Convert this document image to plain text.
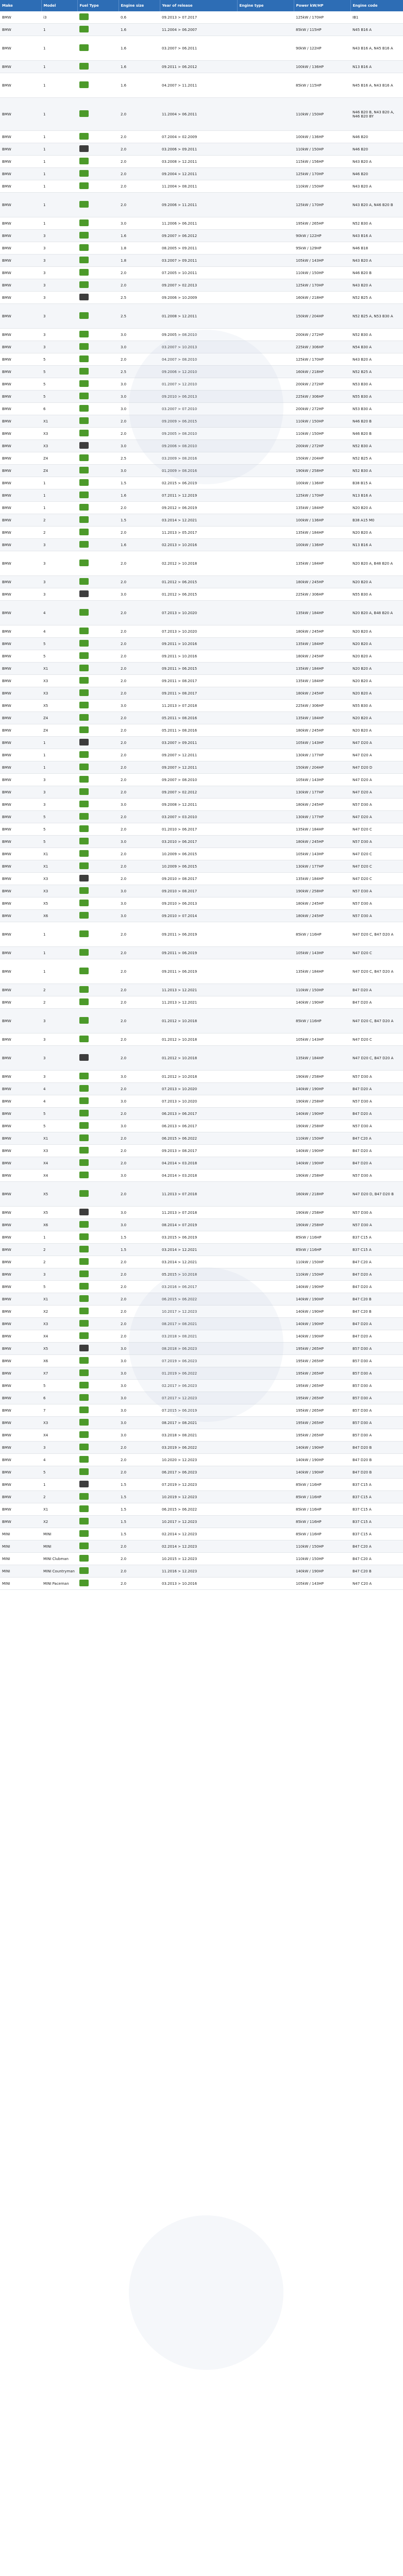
Make	Model	Fuel Type	Engine size	Year of release	Engine type	Power kW/HP	Engine code
BMW	i3		0.6	09.2013 > 07.2017		125kW / 170HP	IB1
BMW	1		1.6	11.2004 > 06.2007		85kW / 115HP	N45 B16 A
BMW	1		1.6	03.2007 > 06.2011		90kW / 122HP	N43 B16 A, N45 B16 A
BMW	1		1.6	09.2011 > 06.2012		100kW / 136HP	N13 B16 A
BMW	1		1.6	04.2007 > 11.2011		85kW / 115HP	N45 B16 A, N43 B16 A
BMW	1		2.0	11.2004 > 06.2011		110kW / 150HP	N46 B20 B, N43 B20 A, N46 B20 BY
BMW	1		2.0	07.2004 > 02.2009		100kW / 136HP	N46 B20
BMW	1		2.0	03.2006 > 09.2011		110kW / 150HP	N46 B20
BMW	1		2.0	03.2008 > 12.2011		115kW / 156HP	N43 B20 A
BMW	1		2.0	09.2004 > 12.2011		125kW / 170HP	N46 B20
BMW	1		2.0	11.2004 > 08.2011		110kW / 150HP	N43 B20 A
BMW	1		2.0	09.2006 > 11.2011		125kW / 170HP	N43 B20 A, N46 B20 B
BMW	1		3.0	11.2006 > 06.2011		195kW / 265HP	N52 B30 A
BMW	3		1.6	09.2007 > 06.2012		90kW / 122HP	N43 B16 A
BMW	3		1.8	08.2005 > 09.2011		95kW / 129HP	N46 B18
BMW	3		1.8	03.2007 > 09.2011		105kW / 143HP	N43 B20 A
BMW	3		2.0	07.2005 > 10.2011		110kW / 150HP	N46 B20 B
BMW	3		2.0	09.2007 > 02.2013		125kW / 170HP	N43 B20 A
BMW	3		2.5	09.2006 > 10.2009		160kW / 218HP	N52 B25 A
BMW	3		2.5	01.2008 > 12.2011		150kW / 204HP	N52 B25 A, N53 B30 A
BMW	3		3.0	09.2005 > 08.2010		200kW / 272HP	N52 B30 A
BMW	3		3.0	03.2007 > 10.2013		225kW / 306HP	N54 B30 A
BMW	5		2.0	04.2007 > 08.2010		125kW / 170HP	N43 B20 A
BMW	5		2.5	09.2006 > 12.2010		160kW / 218HP	N52 B25 A
BMW	5		3.0	01.2007 > 12.2010		200kW / 272HP	N53 B30 A
BMW	5		3.0	09.2010 > 06.2013		225kW / 306HP	N55 B30 A
BMW	6		3.0	03.2007 > 07.2010		200kW / 272HP	N53 B30 A
BMW	X1		2.0	09.2009 > 06.2015		110kW / 150HP	N46 B20 B
BMW	X3		2.0	09.2005 > 08.2010		110kW / 150HP	N46 B20 B
BMW	X3		3.0	09.2006 > 08.2010		200kW / 272HP	N52 B30 A
BMW	Z4		2.5	03.2009 > 08.2016		150kW / 204HP	N52 B25 A
BMW	Z4		3.0	01.2009 > 08.2016		190kW / 258HP	N52 B30 A
BMW	1		1.5	02.2015 > 06.2019		100kW / 136HP	B38 B15 A
BMW	1		1.6	07.2011 > 12.2019		125kW / 170HP	N13 B16 A
BMW	1		2.0	09.2012 > 06.2019		135kW / 184HP	N20 B20 A
BMW	2		1.5	03.2014 > 12.2021		100kW / 136HP	B38 A15 M0
BMW	2		2.0	11.2013 > 05.2017		135kW / 184HP	N20 B20 A
BMW	3		1.6	02.2013 > 10.2016		100kW / 136HP	N13 B16 A
BMW	3		2.0	02.2012 > 10.2018		135kW / 184HP	N20 B20 A, B48 B20 A
BMW	3		2.0	01.2012 > 06.2015		180kW / 245HP	N20 B20 A
BMW	3		3.0	01.2012 > 06.2015		225kW / 306HP	N55 B30 A
BMW	4		2.0	07.2013 > 10.2020		135kW / 184HP	N20 B20 A, B48 B20 A
BMW	4		2.0	07.2013 > 10.2020		180kW / 245HP	N20 B20 A
BMW	5		2.0	09.2011 > 10.2016		135kW / 184HP	N20 B20 A
BMW	5		2.0	09.2011 > 10.2016		180kW / 245HP	N20 B20 A
BMW	X1		2.0	09.2011 > 06.2015		135kW / 184HP	N20 B20 A
BMW	X3		2.0	09.2011 > 08.2017		135kW / 184HP	N20 B20 A
BMW	X3		2.0	09.2011 > 08.2017		180kW / 245HP	N20 B20 A
BMW	X5		3.0	11.2013 > 07.2018		225kW / 306HP	N55 B30 A
BMW	Z4		2.0	05.2011 > 08.2016		135kW / 184HP	N20 B20 A
BMW	Z4		2.0	05.2011 > 08.2016		180kW / 245HP	N20 B20 A
BMW	1		2.0	03.2007 > 09.2011		105kW / 143HP	N47 D20 A
BMW	1		2.0	09.2007 > 12.2011		130kW / 177HP	N47 D20 A
BMW	1		2.0	09.2007 > 12.2011		150kW / 204HP	N47 D20 D
BMW	3		2.0	09.2007 > 08.2010		105kW / 143HP	N47 D20 A
BMW	3		2.0	09.2007 > 02.2012		130kW / 177HP	N47 D20 A
BMW	3		3.0	09.2008 > 12.2011		180kW / 245HP	N57 D30 A
BMW	5		2.0	03.2007 > 03.2010		130kW / 177HP	N47 D20 A
BMW	5		2.0	01.2010 > 06.2017		135kW / 184HP	N47 D20 C
BMW	5		3.0	03.2010 > 06.2017		180kW / 245HP	N57 D30 A
BMW	X1		2.0	10.2009 > 06.2015		105kW / 143HP	N47 D20 C
BMW	X1		2.0	10.2009 > 06.2015		130kW / 177HP	N47 D20 C
BMW	X3		2.0	09.2010 > 08.2017		135kW / 184HP	N47 D20 C
BMW	X3		3.0	09.2010 > 08.2017		190kW / 258HP	N57 D30 A
BMW	X5		3.0	09.2010 > 06.2013		180kW / 245HP	N57 D30 A
BMW	X6		3.0	09.2010 > 07.2014		180kW / 245HP	N57 D30 A
BMW	1		2.0	09.2011 > 06.2019		85kW / 116HP	N47 D20 C, B47 D20 A
BMW	1		2.0	09.2011 > 06.2019		105kW / 143HP	N47 D20 C
BMW	1		2.0	09.2011 > 06.2019		135kW / 184HP	N47 D20 C, B47 D20 A
BMW	2		2.0	11.2013 > 12.2021		110kW / 150HP	B47 D20 A
BMW	2		2.0	11.2013 > 12.2021		140kW / 190HP	B47 D20 A
BMW	3		2.0	01.2012 > 10.2018		85kW / 116HP	N47 D20 C, B47 D20 A
BMW	3		2.0	01.2012 > 10.2018		105kW / 143HP	N47 D20 C
BMW	3		2.0	01.2012 > 10.2018		135kW / 184HP	N47 D20 C, B47 D20 A
BMW	3		3.0	01.2012 > 10.2018		190kW / 258HP	N57 D30 A
BMW	4		2.0	07.2013 > 10.2020		140kW / 190HP	B47 D20 A
BMW	4		3.0	07.2013 > 10.2020		190kW / 258HP	N57 D30 A
BMW	5		2.0	06.2013 > 06.2017		140kW / 190HP	B47 D20 A
BMW	5		3.0	06.2013 > 06.2017		190kW / 258HP	N57 D30 A
BMW	X1		2.0	06.2015 > 06.2022		110kW / 150HP	B47 C20 A
BMW	X3		2.0	09.2013 > 08.2017		140kW / 190HP	B47 D20 A
BMW	X4		2.0	04.2014 > 03.2018		140kW / 190HP	B47 D20 A
BMW	X4		3.0	04.2014 > 03.2018		190kW / 258HP	N57 D30 A
BMW	X5		2.0	11.2013 > 07.2018		160kW / 218HP	N47 D20 D, B47 D20 B
BMW	X5		3.0	11.2013 > 07.2018		190kW / 258HP	N57 D30 A
BMW	X6		3.0	08.2014 > 07.2019		190kW / 258HP	N57 D30 A
BMW	1		1.5	03.2015 > 06.2019		85kW / 116HP	B37 C15 A
BMW	2		1.5	03.2014 > 12.2021		85kW / 116HP	B37 C15 A
BMW	2		2.0	03.2014 > 12.2021		110kW / 150HP	B47 C20 A
BMW	3		2.0	05.2015 > 10.2018		110kW / 150HP	B47 D20 A
BMW	5		2.0	03.2016 > 06.2017		140kW / 190HP	B47 D20 A
BMW	X1		2.0	06.2015 > 06.2022		140kW / 190HP	B47 C20 B
BMW	X2		2.0	10.2017 > 12.2023		140kW / 190HP	B47 C20 B
BMW	X3		2.0	08.2017 > 08.2021		140kW / 190HP	B47 D20 A
BMW	X4		2.0	03.2018 > 08.2021		140kW / 190HP	B47 D20 A
BMW	X5		3.0	08.2018 > 06.2023		195kW / 265HP	B57 D30 A
BMW	X6		3.0	07.2019 > 06.2023		195kW / 265HP	B57 D30 A
BMW	X7		3.0	01.2019 > 06.2022		195kW / 265HP	B57 D30 A
BMW	5		3.0	02.2017 > 06.2023		195kW / 265HP	B57 D30 A
BMW	6		3.0	07.2017 > 12.2023		195kW / 265HP	B57 D30 A
BMW	7		3.0	07.2015 > 06.2019		195kW / 265HP	B57 D30 A
BMW	X3		3.0	08.2017 > 08.2021		195kW / 265HP	B57 D30 A
BMW	X4		3.0	03.2018 > 08.2021		195kW / 265HP	B57 D30 A
BMW	3		2.0	03.2019 > 06.2022		140kW / 190HP	B47 D20 B
BMW	4		2.0	10.2020 > 12.2023		140kW / 190HP	B47 D20 B
BMW	5		2.0	06.2017 > 06.2023		140kW / 190HP	B47 D20 B
BMW	1		1.5	07.2019 > 12.2023		85kW / 116HP	B37 C15 A
BMW	2		1.5	10.2019 > 12.2023		85kW / 116HP	B37 C15 A
BMW	X1		1.5	06.2015 > 06.2022		85kW / 116HP	B37 C15 A
BMW	X2		1.5	10.2017 > 12.2023		85kW / 116HP	B37 C15 A
MINI	MINI		1.5	02.2014 > 12.2023		85kW / 116HP	B37 C15 A
MINI	MINI		2.0	02.2014 > 12.2023		110kW / 150HP	B47 C20 A
MINI	MINI Clubman		2.0	10.2015 > 12.2023		110kW / 150HP	B47 C20 A
MINI	MINI Countryman		2.0	11.2016 > 12.2023		140kW / 190HP	B47 C20 B
MINI	MINI Paceman		2.0	03.2013 > 10.2016		105kW / 143HP	N47 C20 A
